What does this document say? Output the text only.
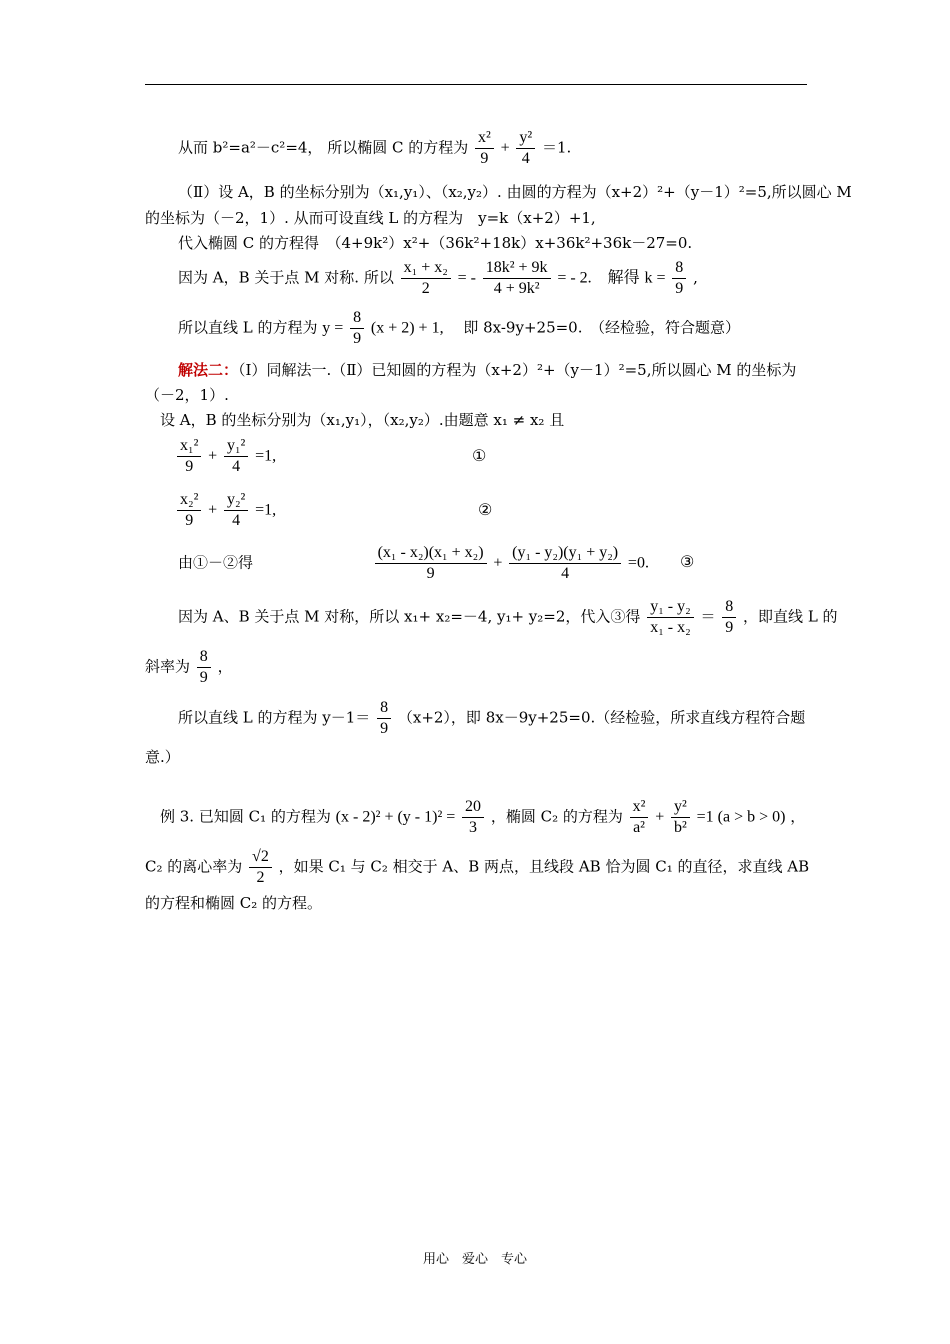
从而 b²=a²－c²=4， 所以椭圆 C 的方程为 $\frac{\text{x²}}{9} + \frac{\text{y²}}{4} =1$.
（Ⅱ）设 A，B 的坐标分别为（x₁,y₁）、（x₂,y₂）. 由圆的方程为（x+2）²+（y－1）²=5,所以圆心 M
的坐标为（－2，1）. 从而可设直线 L 的方程为　y=k（x+2）+1,
代入椭圆 C 的方程得　（4+9k²）x²+（36k²+18k）x+36k²+36k－27=0.
因为 A，B 关于点 M 对称. 所以 $\frac{\text{x₁ + x₂}}{2}$ = - $\frac{\text{18k² + 9k}}{\text{4 + 9k²}}$ = - 2.　解得 $k = \frac{8}{9}$ ,
所以直线 L 的方程为 $y = \frac{8}{9} (x + 2) + 1$, 　即 8x-9y+25=0.　（经检验，符合题意）
解法二：（Ⅰ）同解法一.（Ⅱ）已知圆的方程为（x+2）²+（y－1）²=5,所以圆心 M 的坐标为
（－2，1）.
设 A，B 的坐标分别为（x₁,y₁），（x₂,y₂）.由题意 x₁ ≠ x₂ 且
$\frac{\text{x₁²}}{9} + \frac{\text{y₁²}}{4} =1$,	①
$\frac{\text{x₂²}}{9} + \frac{\text{y₂²}}{4} =1$,	②
由①－②得	$\frac{\text{(x₁ - x₂)(x₁ + x₂)}}{9} + \frac{\text{(y₁ - y₂)(y₁ + y₂)}}{4} =0$. ③
因为 A、B 关于点 M 对称，所以 x₁+ x₂=－4, y₁+ y₂=2，代入③得 $\frac{\text{y₁ - y₂}}{\text{x₁ - x₂}} = \frac{8}{9}$ ，即直线 L 的
斜率为 $\frac{8}{9}$ ，
所以直线 L 的方程为 $y-1= \frac{8}{9} (x+2)$，即 8x－9y+25=0.（经检验，所求直线方程符合题
意.）
例 3. 已知圆 C₁ 的方程为 $(x - 2)^2 + (y - 1)^2 = \frac{20}{3}$ ，椭圆 C₂ 的方程为 $\frac{\text{x²}}{\text{a²}} + \frac{\text{y²}}{\text{b²}} =1$ (a > b > 0) ，
C₂ 的离心率为 $\frac{√2}{2}$ ，如果 C₁ 与 C₂ 相交于 A、B 两点，且线段 AB 恰为圆 C₁ 的直径，求直线 AB
的方程和椭圆 C₂ 的方程。
用心　爱心　专心
